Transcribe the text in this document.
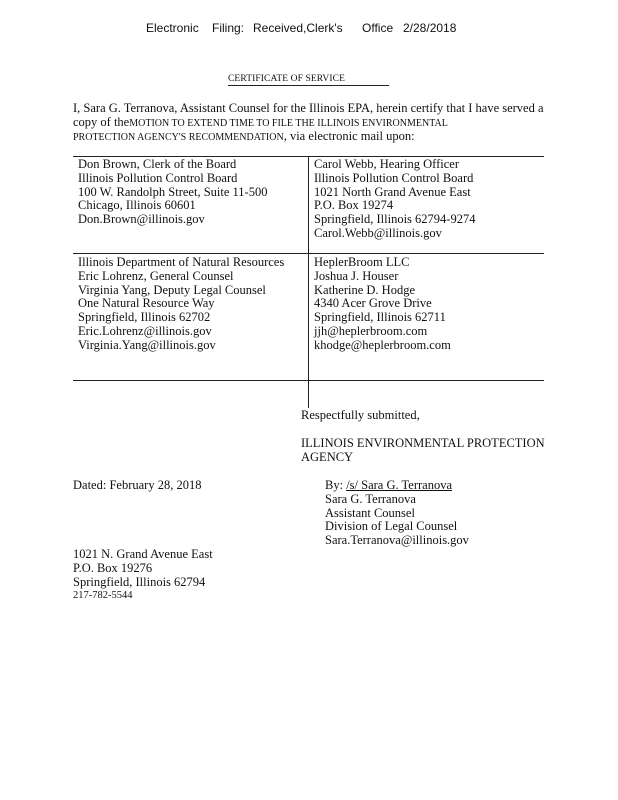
Electronic Filing: Received,Clerk's Office 2/28/2018
CERTIFICATE OF SERVICE
I, Sara G. Terranova, Assistant Counsel for the Illinois EPA, herein certify that I have served a
copy of theMOTION TO EXTEND TIME TO FILE THE ILLINOIS ENVIRONMENTAL
PROTECTION AGENCY'S RECOMMENDATION, via electronic mail upon:
Don Brown, Clerk of the Board
Illinois Pollution Control Board
100 W. Randolph Street, Suite 11-500
Chicago, Illinois 60601
Don.Brown@illinois.gov
Carol Webb, Hearing Officer
Illinois Pollution Control Board
1021 North Grand Avenue East
P.O. Box 19274
Springfield, Illinois 62794-9274
Carol.Webb@illinois.gov
Illinois Department of Natural Resources
Eric Lohrenz, General Counsel
Virginia Yang, Deputy Legal Counsel
One Natural Resource Way
Springfield, Illinois 62702
Eric.Lohrenz@illinois.gov
Virginia.Yang@illinois.gov
HeplerBroom LLC
Joshua J. Houser
Katherine D. Hodge
4340 Acer Grove Drive
Springfield, Illinois 62711
jjh@heplerbroom.com
khodge@heplerbroom.com
Respectfully submitted,
ILLINOIS ENVIRONMENTAL PROTECTION
AGENCY
Dated: February 28, 2018	By: /s/ Sara G. Terranova
Sara G. Terranova
Assistant Counsel
Division of Legal Counsel
Sara.Terranova@illinois.gov
1021 N. Grand Avenue East
P.O. Box 19276
Springfield, Illinois 62794
217-782-5544
